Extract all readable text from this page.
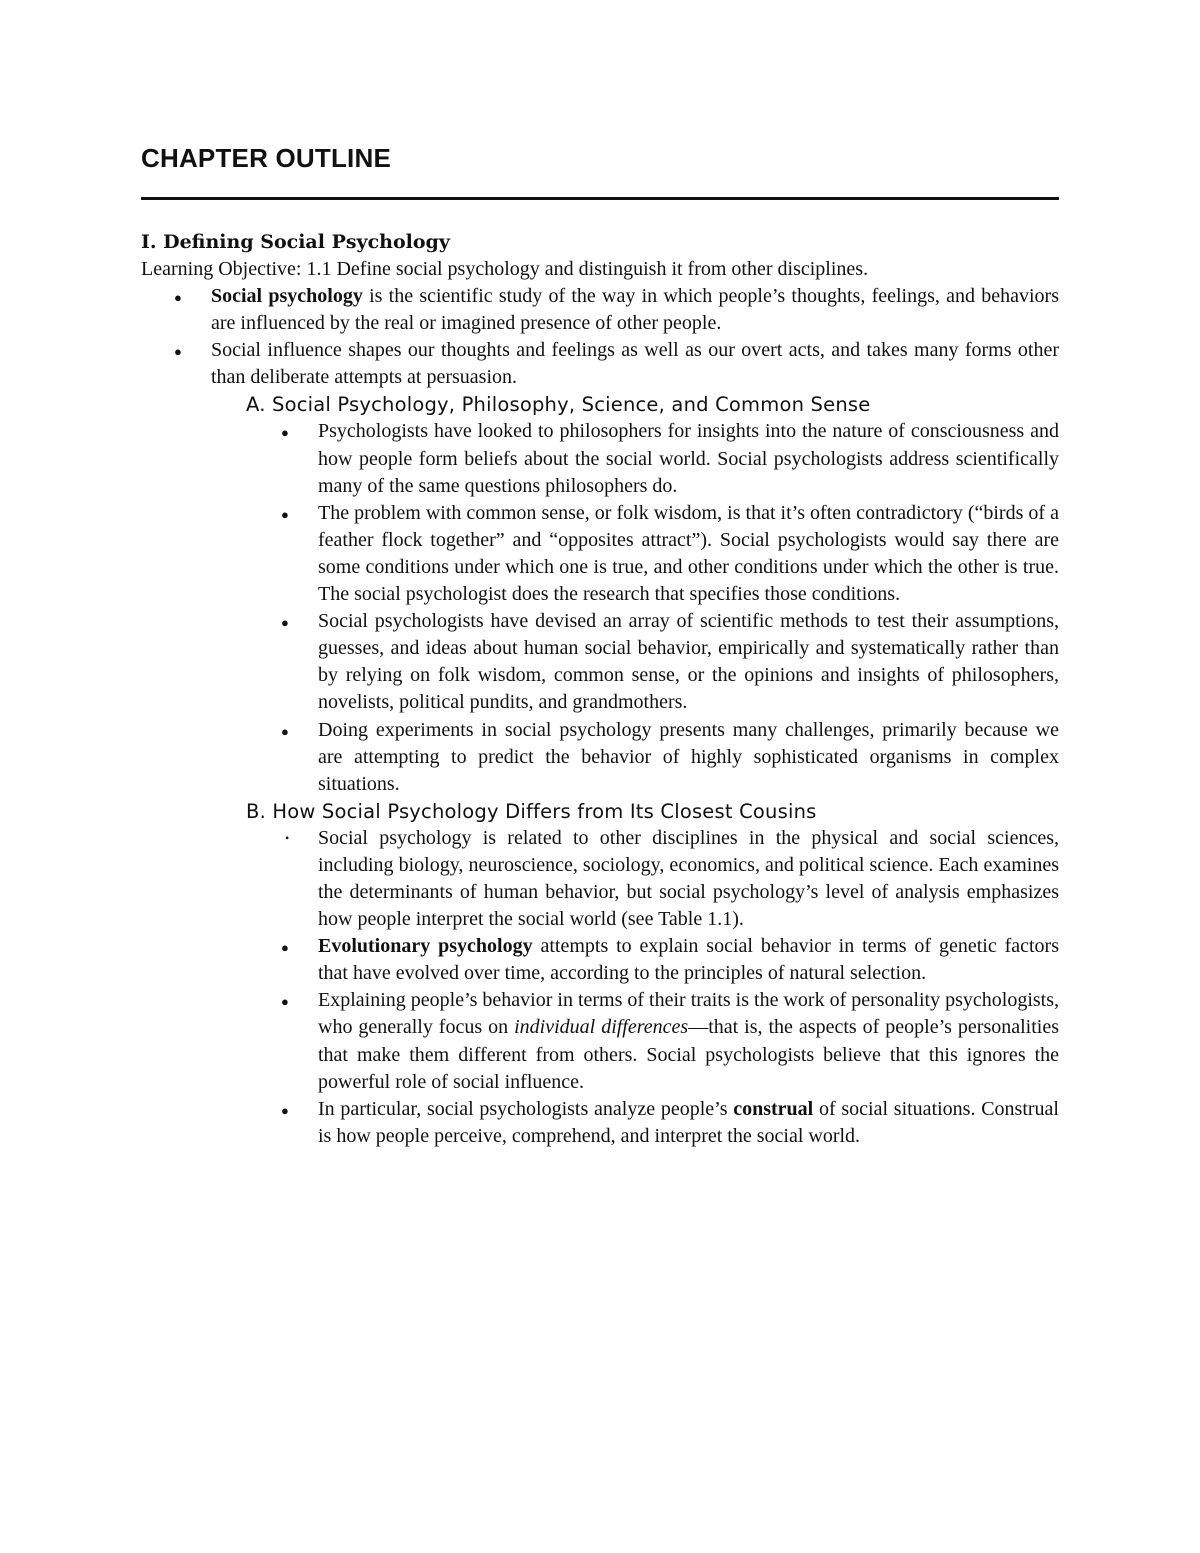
CHAPTER OUTLINE
I. Defining Social Psychology

Learning Objective: 1.1 Define social psychology and distinguish it from other disciplines.

●
Social psychology is the scientific study of the way in which people’s thoughts, feelings, and behaviors are influenced by the real or imagined presence of other people.
●
Social influence shapes our thoughts and feelings as well as our overt acts, and takes many forms other than deliberate attempts at persuasion.

A. Social Psychology, Philosophy, Science, and Common Sense

●
Psychologists have looked to philosophers for insights into the nature of consciousness and how people form beliefs about the social world. Social psychologists address scientifically many of the same questions philosophers do.
●
The problem with common sense, or folk wisdom, is that it’s often contradictory (“birds of a feather flock together” and “opposites attract”). Social psychologists would say there are some conditions under which one is true, and other conditions under which the other is true. The social psychologist does the research that specifies those conditions.
●
Social psychologists have devised an array of scientific methods to test their assumptions, guesses, and ideas about human social behavior, empirically and systematically rather than by relying on folk wisdom, common sense, or the opinions and insights of philosophers, novelists, political pundits, and grandmothers.
●
Doing experiments in social psychology presents many challenges, primarily because we are attempting to predict the behavior of highly sophisticated organisms in complex situations.

B. How Social Psychology Differs from Its Closest Cousins

•
Social psychology is related to other disciplines in the physical and social sciences, including biology, neuroscience, sociology, economics, and political science. Each examines the determinants of human behavior, but social psychology’s level of analysis emphasizes how people interpret the social world (see Table 1.1).
●
Evolutionary psychology attempts to explain social behavior in terms of genetic factors that have evolved over time, according to the principles of natural selection.
●
Explaining people’s behavior in terms of their traits is the work of personality psychologists, who generally focus on individual differences—that is, the aspects of people’s personalities that make them different from others. Social psychologists believe that this ignores the powerful role of social influence.
●
In particular, social psychologists analyze people’s construal of social situations. Construal is how people perceive, comprehend, and interpret the social world.
